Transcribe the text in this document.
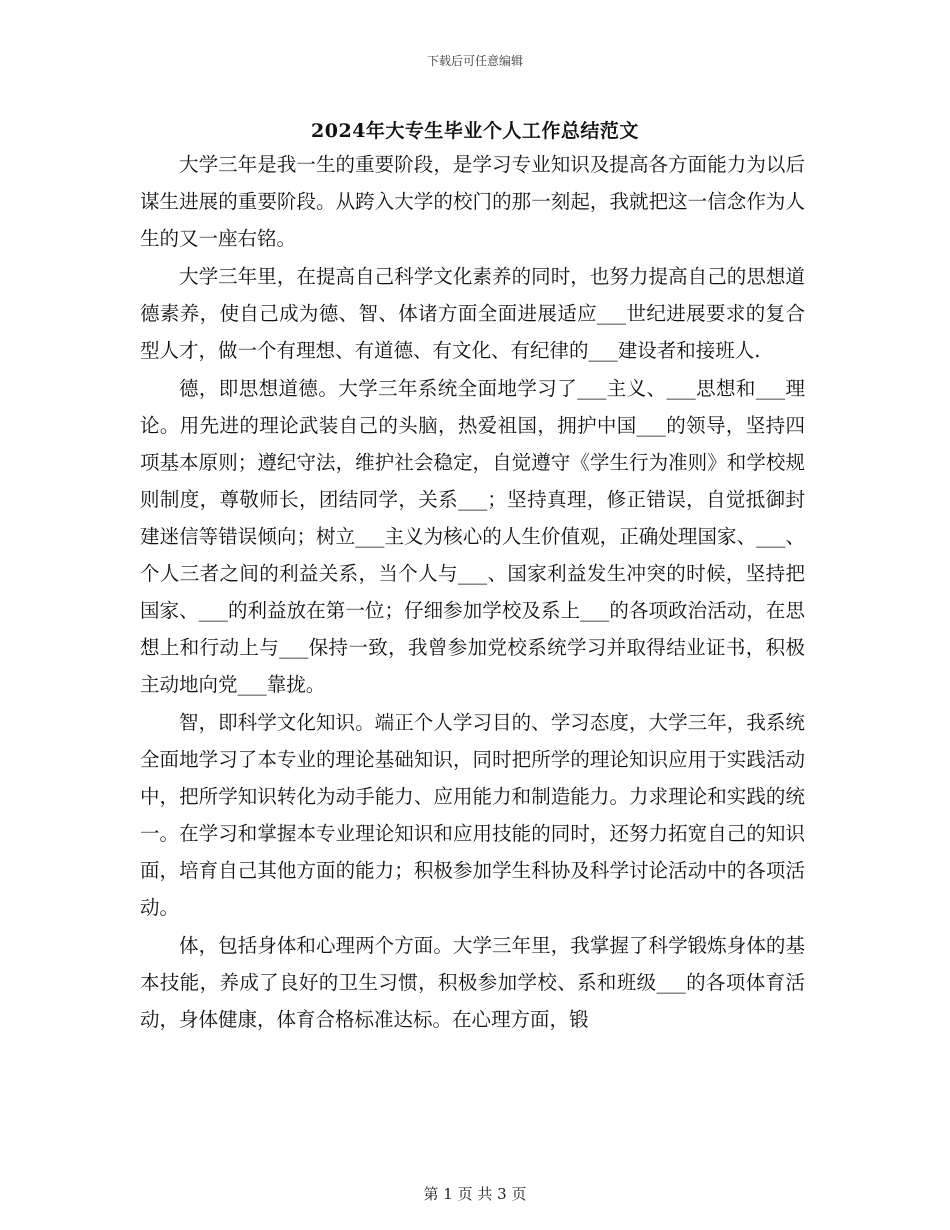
下载后可任意编辑
2024年大专生毕业个人工作总结范文

大学三年是我一生的重要阶段，是学习专业知识及提高各方面能力为以后谋生进展的重要阶段。从跨入大学的校门的那一刻起，我就把这一信念作为人生的又一座右铭。

大学三年里，在提高自己科学文化素养的同时，也努力提高自己的思想道德素养，使自己成为德、智、体诸方面全面进展适应___世纪进展要求的复合型人才，做一个有理想、有道德、有文化、有纪律的___建设者和接班人.

德，即思想道德。大学三年系统全面地学习了___主义、___思想和___理论。用先进的理论武装自己的头脑，热爱祖国，拥护中国___的领导，坚持四项基本原则；遵纪守法，维护社会稳定，自觉遵守《学生行为准则》和学校规则制度，尊敬师长，团结同学，关系___；坚持真理，修正错误，自觉抵御封建迷信等错误倾向；树立___主义为核心的人生价值观，正确处理国家、___、个人三者之间的利益关系，当个人与___、国家利益发生冲突的时候，坚持把国家、___的利益放在第一位；仔细参加学校及系上___的各项政治活动，在思想上和行动上与___保持一致，我曾参加党校系统学习并取得结业证书，积极主动地向党___靠拢。

智，即科学文化知识。端正个人学习目的、学习态度，大学三年，我系统全面地学习了本专业的理论基础知识，同时把所学的理论知识应用于实践活动中，把所学知识转化为动手能力、应用能力和制造能力。力求理论和实践的统一。在学习和掌握本专业理论知识和应用技能的同时，还努力拓宽自己的知识面，培育自己其他方面的能力；积极参加学生科协及科学讨论活动中的各项活动。

体，包括身体和心理两个方面。大学三年里，我掌握了科学锻炼身体的基本技能，养成了良好的卫生习惯，积极参加学校、系和班级___的各项体育活动，身体健康，体育合格标准达标。在心理方面，锻

第 1 页 共 3 页
